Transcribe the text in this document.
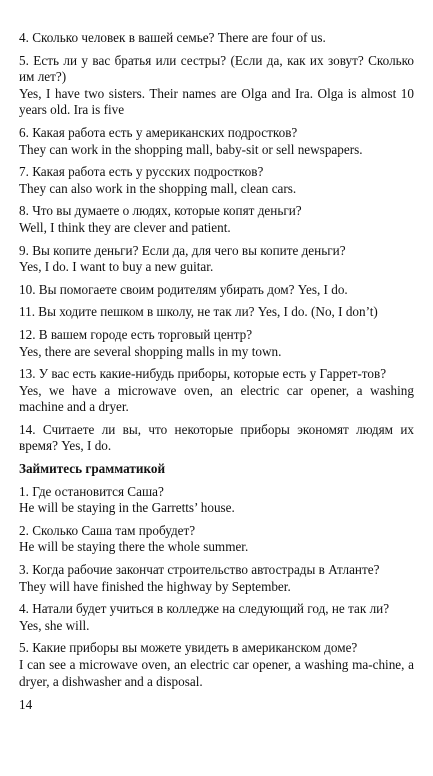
4. Сколько человек в вашей семье? There are four of us.

5. Есть ли у вас братья или сестры? (Если да, как их зовут? Сколько им лет?)

Yes, I have two sisters. Their names are Olga and Ira. Olga is almost 10 years old. Ira is five

6. Какая работа есть у американских подростков?

They can work in the shopping mall, baby-sit or sell newspapers.

7. Какая работа есть у русских подростков?

They can also work in the shopping mall, clean cars.

8. Что вы думаете о людях, которые копят деньги?

Well, I think they are clever and patient.

9. Вы копите деньги? Если да, для чего вы копите деньги?

Yes, I do. I want to buy a new guitar.

10. Вы помогаете своим родителям убирать дом? Yes, I do.

11. Вы ходите пешком в школу, не так ли? Yes, I do. (No, I don’t)

12. В вашем городе есть торговый центр?

Yes, there are several shopping malls in my town.

13. У вас есть какие-нибудь приборы, которые есть у Гаррет-тов?

Yes, we have a microwave oven, an electric car opener, a washing machine and a dryer.

14. Считаете ли вы, что некоторые приборы экономят людям их время? Yes, I do.

Займитесь грамматикой

1. Где остановится Саша?

He will be staying in the Garretts’ house.

2. Сколько Саша там пробудет?

He will be staying there the whole summer.

3. Когда рабочие закончат строительство автострады в Атланте?

They will have finished the highway by September.

4. Натали будет учиться в колледже на следующий год, не так ли?

Yes, she will.

5. Какие приборы вы можете увидеть в американском доме?

I can see a microwave oven, an electric car opener, a washing ma-chine, a dryer, a dishwasher and a disposal.

14
